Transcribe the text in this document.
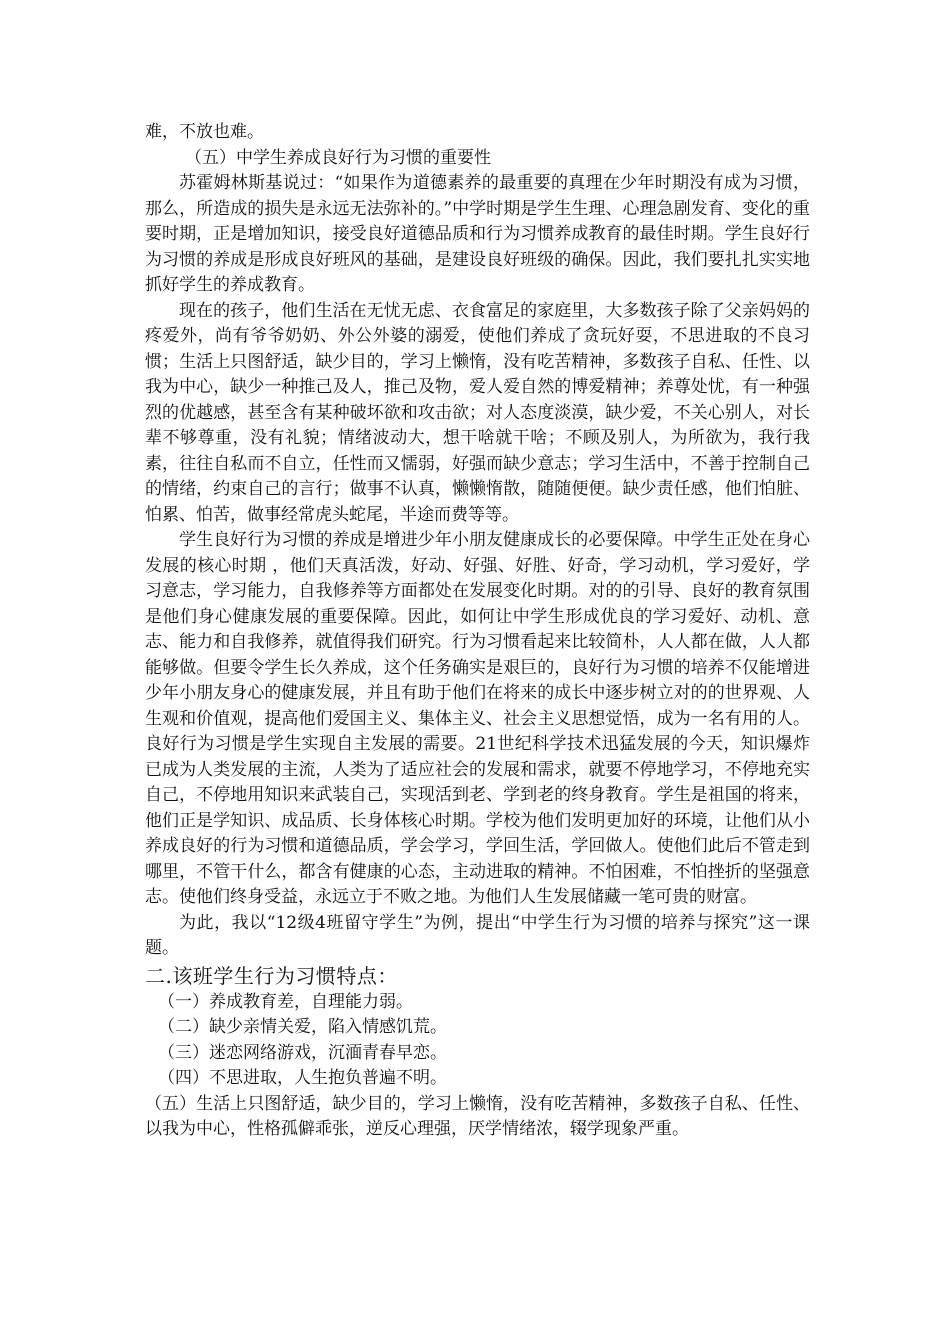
难，不放也难。

（五）中学生养成良好行为习惯的重要性

苏霍姆林斯基说过：“如果作为道德素养的最重要的真理在少年时期没有成为习惯，那么，所造成的损失是永远无法弥补的。”中学时期是学生生理、心理急剧发育、变化的重要时期，正是增加知识，接受良好道德品质和行为习惯养成教育的最佳时期。学生良好行为习惯的养成是形成良好班风的基础，是建设良好班级的确保。因此，我们要扎扎实实地抓好学生的养成教育。

现在的孩子，他们生活在无忧无虑、衣食富足的家庭里，大多数孩子除了父亲妈妈的疼爱外，尚有爷爷奶奶、外公外婆的溺爱，使他们养成了贪玩好耍，不思进取的不良习惯；生活上只图舒适，缺少目的，学习上懒惰，没有吃苦精神，多数孩子自私、任性、以我为中心，缺少一种推己及人，推己及物，爱人爱自然的博爱精神；养尊处忧，有一种强烈的优越感，甚至含有某种破坏欲和攻击欲；对人态度淡漠，缺少爱，不关心别人，对长辈不够尊重，没有礼貌；情绪波动大，想干啥就干啥；不顾及别人，为所欲为，我行我素，往往自私而不自立，任性而又懦弱，好强而缺少意志；学习生活中，不善于控制自己的情绪，约束自己的言行；做事不认真，懒懒惰散，随随便便。缺少责任感，他们怕脏、怕累、怕苦，做事经常虎头蛇尾，半途而费等等。

学生良好行为习惯的养成是增进少年小朋友健康成长的必要保障。中学生正处在身心发展的核心时期 ，他们天真活泼，好动、好强、好胜、好奇，学习动机，学习爱好，学习意志，学习能力，自我修养等方面都处在发展变化时期。对的的引导、良好的教育氛围是他们身心健康发展的重要保障。因此，如何让中学生形成优良的学习爱好、动机、意志、能力和自我修养，就值得我们研究。行为习惯看起来比较简朴，人人都在做，人人都能够做。但要令学生长久养成，这个任务确实是艰巨的，良好行为习惯的培养不仅能增进少年小朋友身心的健康发展，并且有助于他们在将来的成长中逐步树立对的的世界观、人生观和价值观，提高他们爱国主义、集体主义、社会主义思想觉悟，成为一名有用的人。良好行为习惯是学生实现自主发展的需要。21世纪科学技术迅猛发展的今天，知识爆炸已成为人类发展的主流，人类为了适应社会的发展和需求，就要不停地学习，不停地充实自己，不停地用知识来武装自己，实现活到老、学到老的终身教育。学生是祖国的将来，他们正是学知识、成品质、长身体核心时期。学校为他们发明更加好的环境，让他们从小养成良好的行为习惯和道德品质，学会学习，学回生活，学回做人。使他们此后不管走到哪里，不管干什么，都含有健康的心态，主动进取的精神。不怕困难，不怕挫折的坚强意志。使他们终身受益，永远立于不败之地。为他们人生发展储藏一笔可贵的财富。

为此，我以“12级4班留守学生”为例，提出“中学生行为习惯的培养与探究”这一课题。

二.该班学生行为习惯特点：

（一）养成教育差，自理能力弱。

（二）缺少亲情关爱，陷入情感饥荒。

（三）迷恋网络游戏，沉湎青春早恋。

（四）不思进取，人生抱负普遍不明。

（五）生活上只图舒适，缺少目的，学习上懒惰，没有吃苦精神，多数孩子自私、任性、以我为中心，性格孤僻乖张，逆反心理强，厌学情绪浓，辍学现象严重。
